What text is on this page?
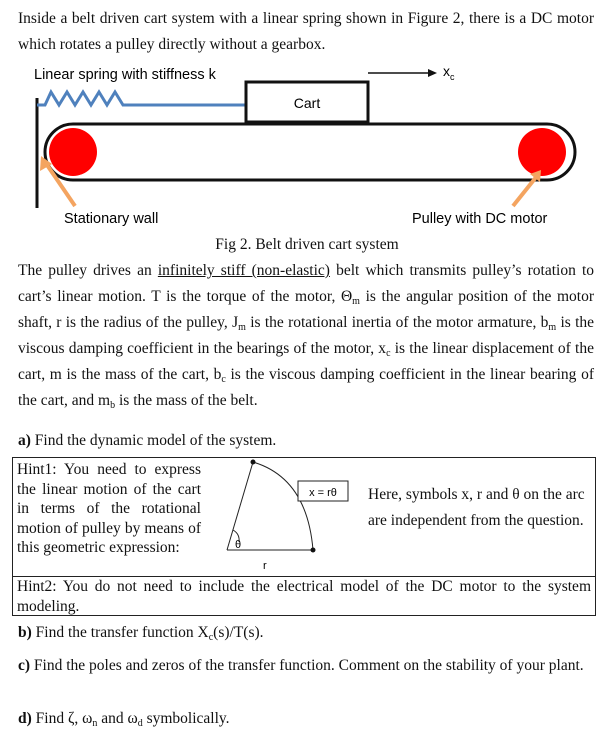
Inside a belt driven cart system with a linear spring shown in Figure 2, there is a DC motor which rotates a pulley directly without a gearbox.
Cart
$x_c$
Linear spring with stiffness k
Stationary wall	Pulley with DC motor
Fig 2. Belt driven cart system
The pulley drives an infinitely stiff (non-elastic) belt which transmits pulley’s rotation to cart’s linear motion. T is the torque of the motor, $\Theta_m$ is the angular position of the motor shaft, r is the radius of the pulley, $J_m$ is the rotational inertia of the motor armature, $b_m$ is the viscous damping coefficient in the bearings of the motor, $x_c$ is the linear displacement of the cart, m is the mass of the cart, $b_c$ is the viscous damping coefficient in the linear bearing of the cart, and $m_b$ is the mass of the belt.
a) Find the dynamic model of the system.
Hint1: You need to express the linear motion of the cart in terms of the rotational motion of pulley by means of this geometric expression:
x = rθ
θ
r
Here, symbols x, r and θ on the arc are independent from the question.
Hint2: You do not need to include the electrical model of the DC motor to the system modeling.
b) Find the transfer function $X_c(s)/T(s)$.
c) Find the poles and zeros of the transfer function. Comment on the stability of your plant.
d) Find ζ, $\omega_n$ and $\omega_d$ symbolically.
